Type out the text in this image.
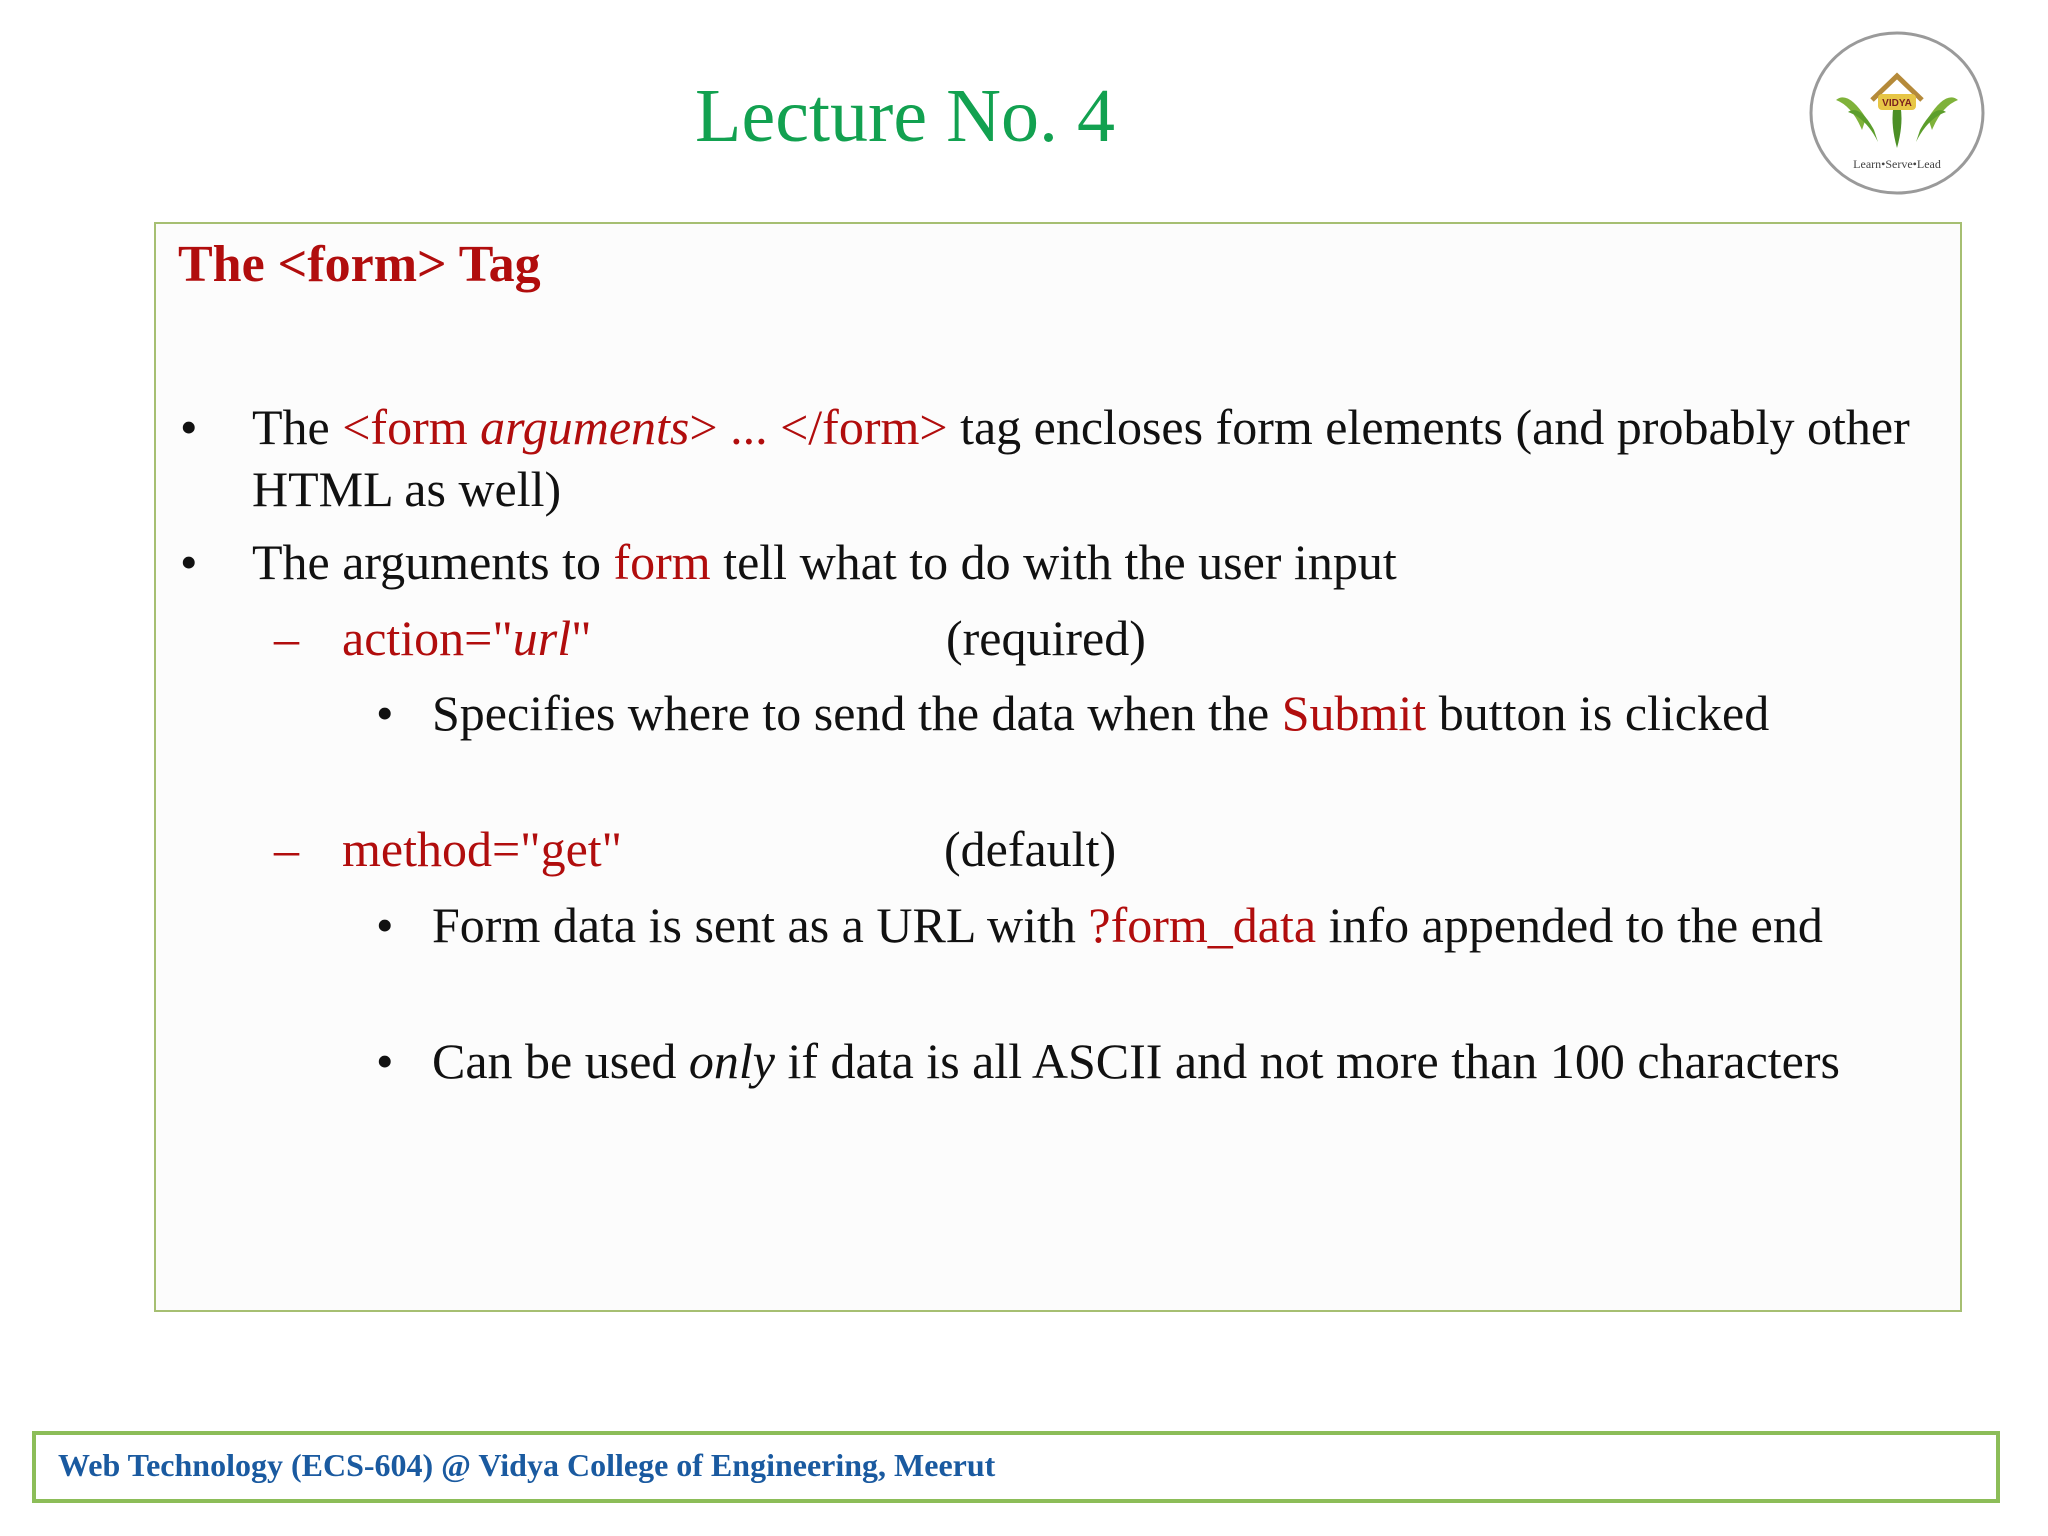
Lecture No. 4	VIDYA
Learn•Serve•Lead
The <form> Tag
• The <form arguments> ... </form> tag encloses form elements (and probably other HTML as well)
• The arguments to form tell what to do with the user input
– action="url"	(required)
• Specifies where to send the data when the Submit button is clicked
– method="get"	(default)
• Form data is sent as a URL with ?form_data info appended to the end
• Can be used only if data is all ASCII and not more than 100 characters
Web Technology (ECS-604) @ Vidya College of Engineering, Meerut
